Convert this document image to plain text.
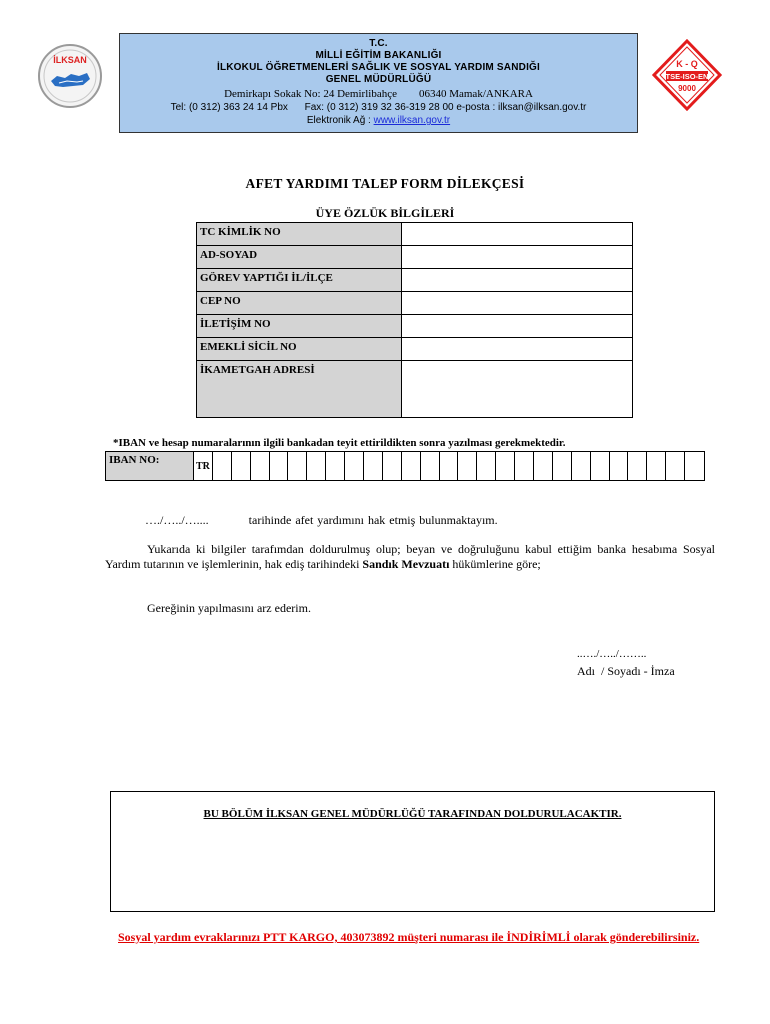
İLKSAN
T.C.
MİLLİ EĞİTİM BAKANLIĞI
İLKOKUL ÖĞRETMENLERİ SAĞLIK VE SOSYAL YARDIM SANDIĞI
GENEL MÜDÜRLÜĞÜ
Demirkapı Sokak No: 24 Demirlibahçe        06340 Mamak/ANKARA
Tel: (0 312) 363 24 14 Pbx      Fax: (0 312) 319 32 36-319 28 00 e-posta : ilksan@ilksan.gov.tr
Elektronik Ağ : www.ilksan.gov.tr
K - Q
TSE-ISO-EN
9000
AFET YARDIMI TALEP FORM DİLEKÇESİ
ÜYE ÖZLÜK BİLGİLERİ
TC KİMLİK NO	
AD-SOYAD	
GÖREV YAPTIĞI İL/İLÇE	
CEP NO	
İLETİŞİM NO	
EMEKLİ SİCİL NO	
İKAMETGAH ADRESİ	
*IBAN ve hesap numaralarının ilgili bankadan teyit ettirildikten sonra yazılması gerekmektedir.
IBAN NO:	TR
…./…../…....	tarihinde afet yardımını hak etmiş bulunmaktayım.
Yukarıda ki bilgiler tarafımdan doldurulmuş olup; beyan ve doğruluğunu kabul ettiğim banka hesabıma Sosyal Yardım tutarının ve işlemlerinin, hak ediş tarihindeki Sandık Mevzuatı hükümlerine göre;
Gereğinin yapılmasını arz ederim.
..…./…../……..
Adı  / Soyadı - İmza
BU BÖLÜM İLKSAN GENEL MÜDÜRLÜĞÜ TARAFINDAN DOLDURULACAKTIR.
Sosyal yardım evraklarınızı PTT KARGO, 403073892 müşteri numarası ile İNDİRİMLİ olarak gönderebilirsiniz.
